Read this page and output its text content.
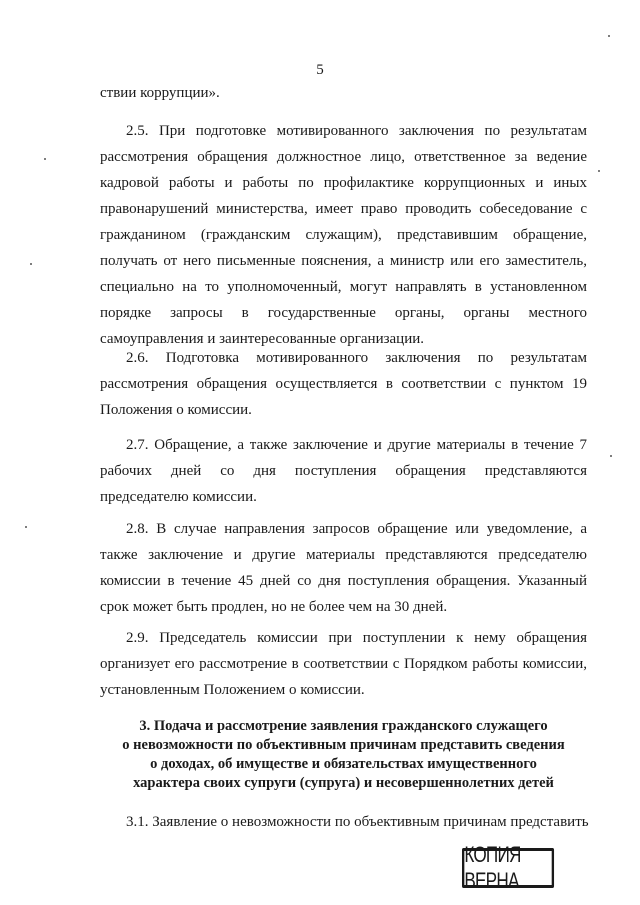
5
ствии коррупции».
2.5. При подготовке мотивированного заключения по результатам рассмотрения обращения должностное лицо, ответственное за ведение кадровой работы и работы по профилактике коррупционных и иных правонарушений министерства, имеет право проводить собеседование с гражданином (гражданским служащим), представившим обращение, получать от него письменные пояснения, а министр или его заместитель, специально на то уполномоченный, могут направлять в установленном порядке запросы в государственные органы, органы местного самоуправления и заинтересованные организации.
2.6. Подготовка мотивированного заключения по результатам рассмотрения обращения осуществляется в соответствии с пунктом 19 Положения о комиссии.
2.7. Обращение, а также заключение и другие материалы в течение 7 рабочих дней со дня поступления обращения представляются председателю комиссии.
2.8. В случае направления запросов обращение или уведомление, а также заключение и другие материалы представляются председателю комиссии в течение 45 дней со дня поступления обращения. Указанный срок может быть продлен, но не более чем на 30 дней.
2.9. Председатель комиссии при поступлении к нему обращения организует его рассмотрение в соответствии с Порядком работы комиссии, установленным Положением о комиссии.
3. Подача и рассмотрение заявления гражданского служащего
о невозможности по объективным причинам представить сведения
о доходах, об имуществе и обязательствах имущественного
характера своих супруги (супруга) и несовершеннолетних детей
3.1. Заявление о невозможности по объективным причинам представить
КОПИЯ ВЕРНА
